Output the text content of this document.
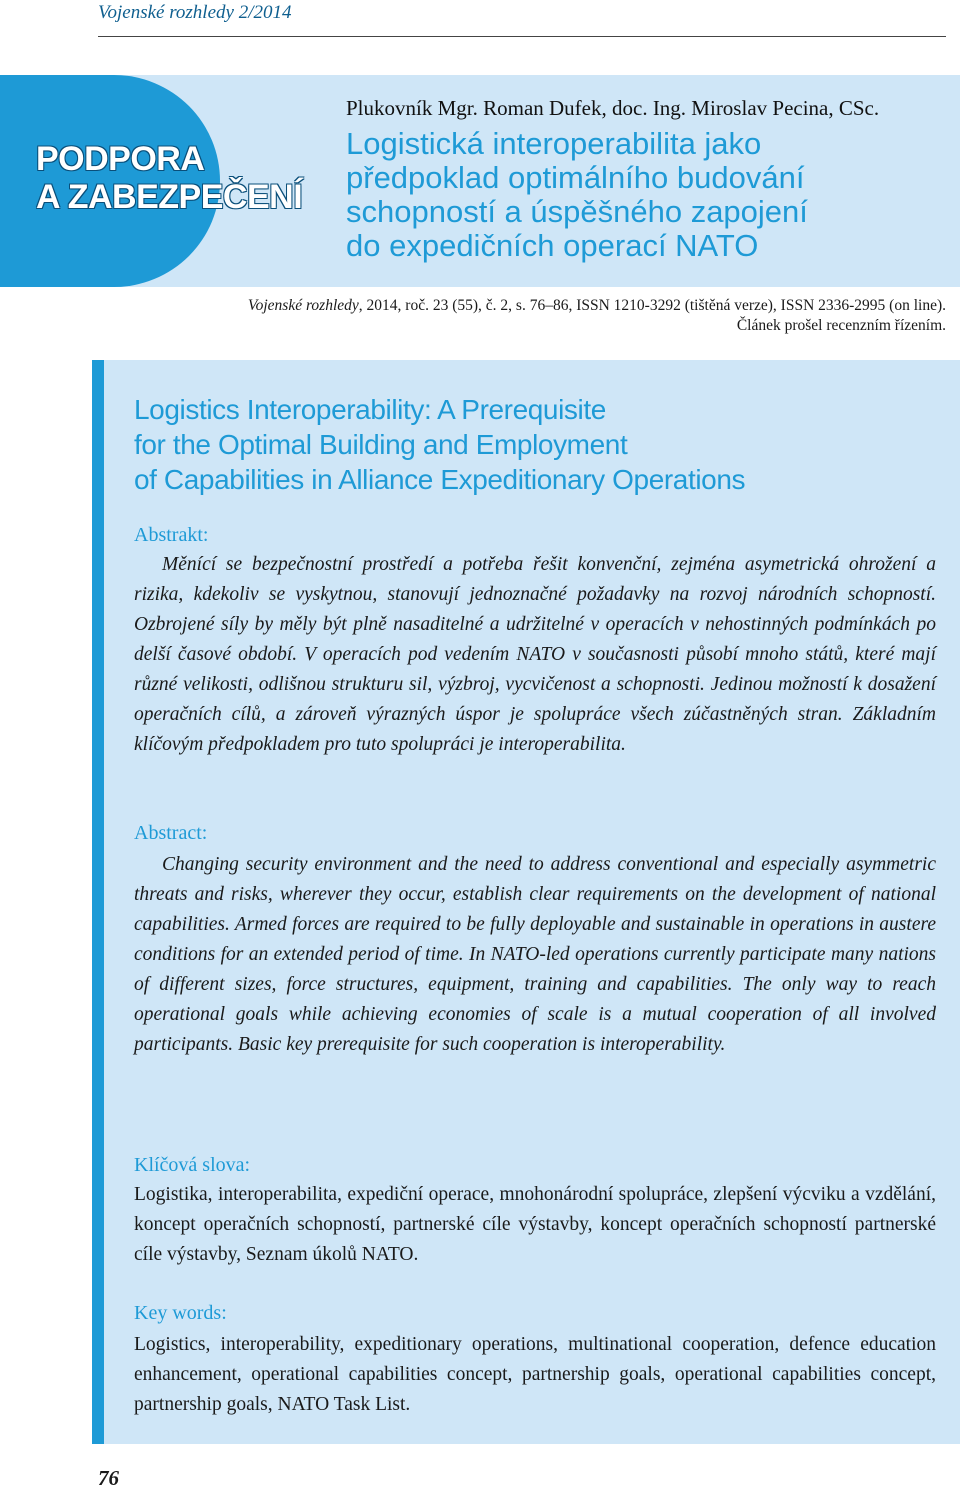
Vojenské rozhledy 2/2014
PODPORA
A ZABEZPEČENÍ
Plukovník Mgr. Roman Dufek, doc. Ing. Miroslav Pecina, CSc.
Logistická interoperabilita jako
předpoklad optimálního budování
schopností a úspěšného zapojení
do expedičních operací NATO
Vojenské rozhledy, 2014, roč. 23 (55), č. 2, s. 76–86, ISSN 1210-3292 (tištěná verze), ISSN 2336-2995 (on line).
Článek prošel recenzním řízením.
Logistics Interoperability: A Prerequisite
for the Optimal Building and Employment
of Capabilities in Alliance Expeditionary Operations
Abstrakt:
Měnící se bezpečnostní prostředí a potřeba řešit konvenční, zejména asymetrická ohrožení a rizika, kdekoliv se vyskytnou, stanovují jednoznačné požadavky na rozvoj národních schopností. Ozbrojené síly by měly být plně nasaditelné a udržitelné v operacích v nehostinných podmínkách po delší časové období. V operacích pod vedením NATO v současnosti působí mnoho států, které mají různé velikosti, odlišnou strukturu sil, výzbroj, vycvičenost a schopnosti. Jedinou možností k dosažení operačních cílů, a zároveň výrazných úspor je spolupráce všech zúčastněných stran. Základním klíčovým předpokladem pro tuto spolupráci je interoperabilita.
Abstract:
Changing security environment and the need to address conventional and especially asymmetric threats and risks, wherever they occur, establish clear requirements on the development of national capabilities. Armed forces are required to be fully deployable and sustainable in operations in austere conditions for an extended period of time. In NATO-led operations currently participate many nations of different sizes, force structures, equipment, training and capabilities. The only way to reach operational goals while achieving economies of scale is a mutual cooperation of all involved participants. Basic key prerequisite for such cooperation is interoperability.
Klíčová slova:
Logistika, interoperabilita, expediční operace, mnohonárodní spolupráce, zlepšení výcviku a vzdělání, koncept operačních schopností, partnerské cíle výstavby, koncept operačních schopností partnerské cíle výstavby, Seznam úkolů NATO.
Key words:
Logistics, interoperability, expeditionary operations, multinational cooperation, defence education enhancement, operational capabilities concept, partnership goals, operational capabilities concept, partnership goals, NATO Task List.
76
